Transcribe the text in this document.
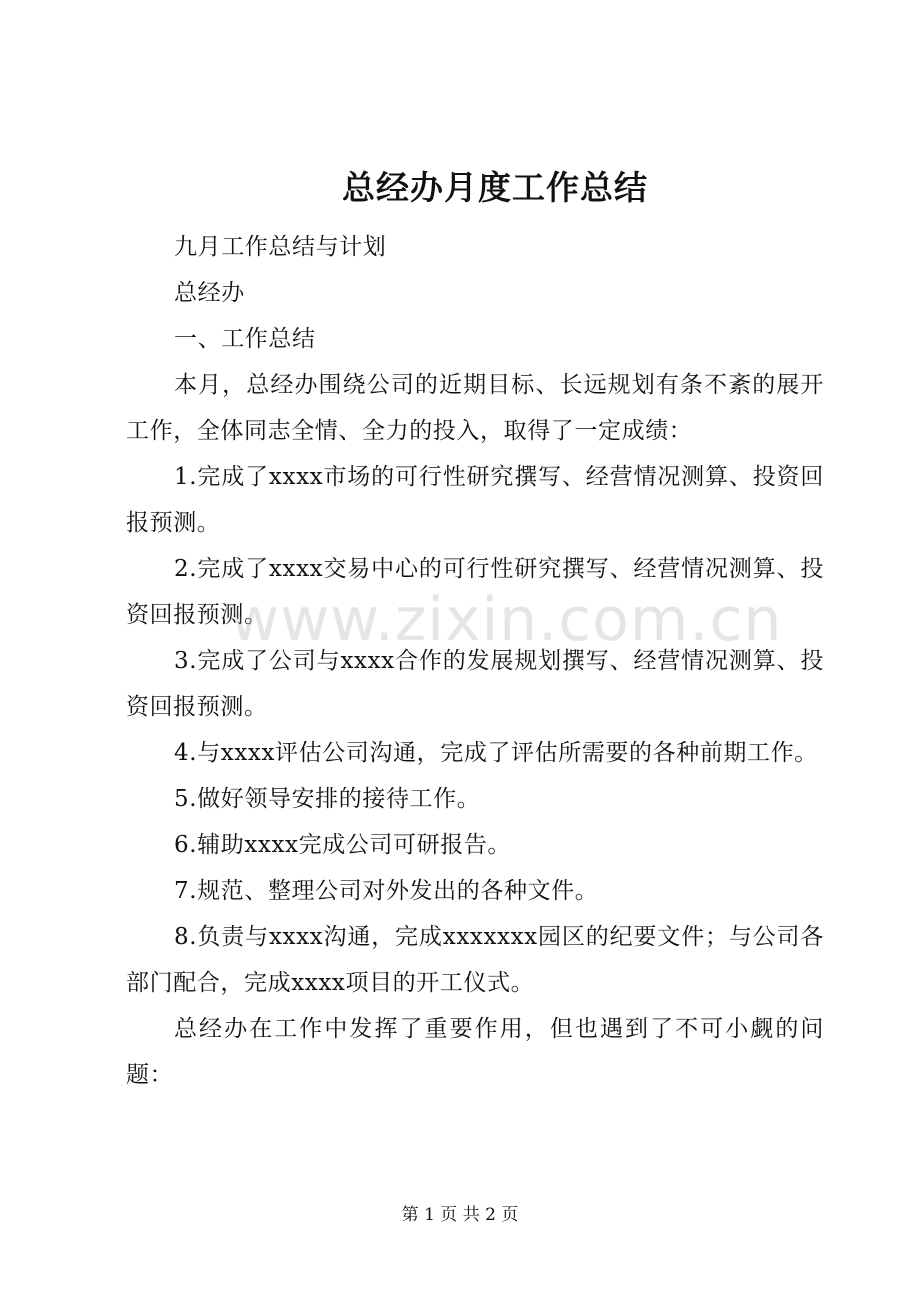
总经办月度工作总结

九月工作总结与计划

总经办

一、工作总结

本月，总经办围绕公司的近期目标、长远规划有条不紊的展开工作，全体同志全情、全力的投入，取得了一定成绩：

1.完成了xxxx市场的可行性研究撰写、经营情况测算、投资回报预测。

2.完成了xxxx交易中心的可行性研究撰写、经营情况测算、投资回报预测。

3.完成了公司与xxxx合作的发展规划撰写、经营情况测算、投资回报预测。

4.与xxxx评估公司沟通，完成了评估所需要的各种前期工作。

5.做好领导安排的接待工作。

6.辅助xxxx完成公司可研报告。

7.规范、整理公司对外发出的各种文件。

8.负责与xxxx沟通，完成xxxxxxx园区的纪要文件；与公司各部门配合，完成xxxx项目的开工仪式。

总经办在工作中发挥了重要作用，但也遇到了不可小觑的问题：

www.zixin.com.cn
第 1 页 共 2 页
